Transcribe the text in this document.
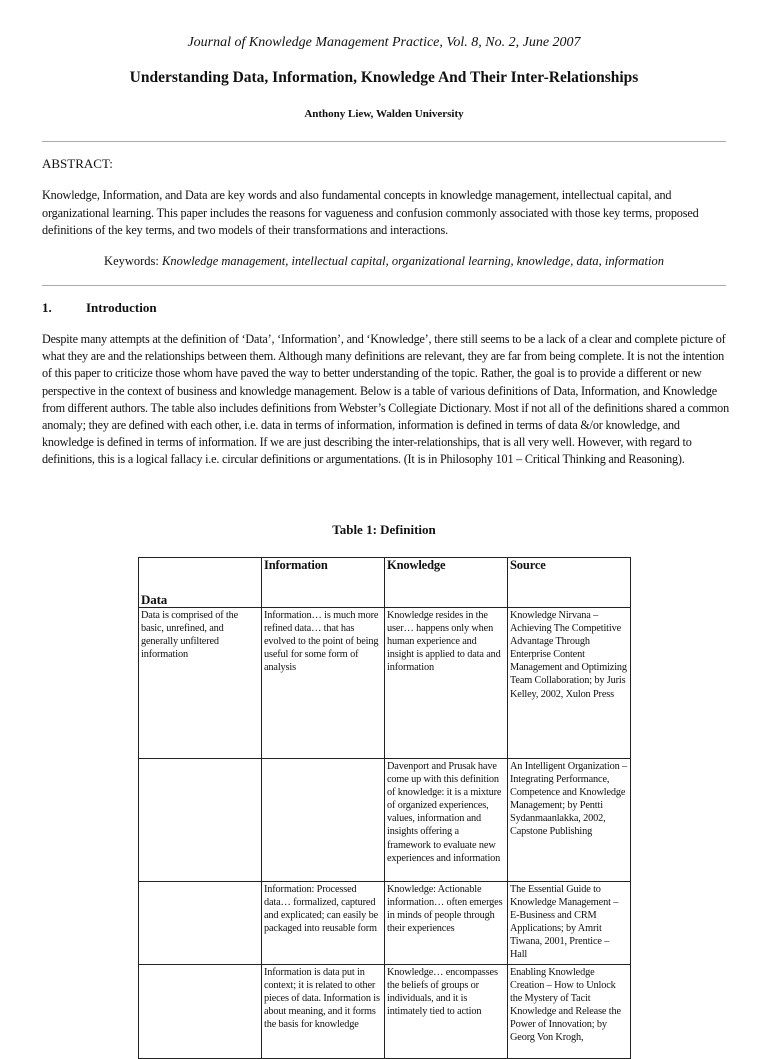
Journal of Knowledge Management Practice, Vol. 8, No. 2, June 2007
Understanding Data, Information, Knowledge And Their Inter-Relationships
Anthony Liew, Walden University
ABSTRACT:
Knowledge, Information, and Data are key words and also fundamental concepts in knowledge management, intellectual capital, and organizational learning. This paper includes the reasons for vagueness and confusion commonly associated with those key terms, proposed definitions of the key terms, and two models of their transformations and interactions.
Keywords: Knowledge management, intellectual capital, organizational learning, knowledge, data, information
1.	Introduction
Despite many attempts at the definition of ‘Data’, ‘Information’, and ‘Knowledge’, there still seems to be a lack of a clear and complete picture of what they are and the relationships between them. Although many definitions are relevant, they are far from being complete. It is not the intention of this paper to criticize those whom have paved the way to better understanding of the topic. Rather, the goal is to provide a different or new perspective in the context of business and knowledge management. Below is a table of various definitions of Data, Information, and Knowledge from different authors. The table also includes definitions from Webster’s Collegiate Dictionary. Most if not all of the definitions shared a common anomaly; they are defined with each other, i.e. data in terms of information, information is defined in terms of data &/or knowledge, and knowledge is defined in terms of information. If we are just describing the inter-relationships, that is all very well. However, with regard to definitions, this is a logical fallacy i.e. circular definitions or argumentations. (It is in Philosophy 101 – Critical Thinking and Reasoning).
Table 1: Definition
Data	Information	Knowledge	Source
Data is comprised of the basic, unrefined, and generally unfiltered information	Information… is much more refined data… that has evolved to the point of being useful for some form of analysis	Knowledge resides in the user… happens only when human experience and insight is applied to data and information	Knowledge Nirvana – Achieving The Competitive Advantage Through Enterprise Content Management and Optimizing Team Collaboration; by Juris Kelley, 2002, Xulon Press
		Davenport and Prusak have come up with this definition of knowledge: it is a mixture of organized experiences, values, information and insights offering a framework to evaluate new experiences and information	An Intelligent Organization – Integrating Performance, Competence and Knowledge Management; by Pentti Sydanmaanlakka, 2002, Capstone Publishing
	Information: Processed data… formalized, captured and explicated; can easily be packaged into reusable form	Knowledge: Actionable information… often emerges in minds of people through their experiences	The Essential Guide to Knowledge Management – E-Business and CRM Applications; by Amrit Tiwana, 2001, Prentice – Hall
	Information is data put in context; it is related to other pieces of data. Information is about meaning, and it forms the basis for knowledge	Knowledge… encompasses the beliefs of groups or individuals, and it is intimately tied to action	Enabling Knowledge Creation – How to Unlock the Mystery of Tacit Knowledge and Release the Power of Innovation; by Georg Von Krogh,
